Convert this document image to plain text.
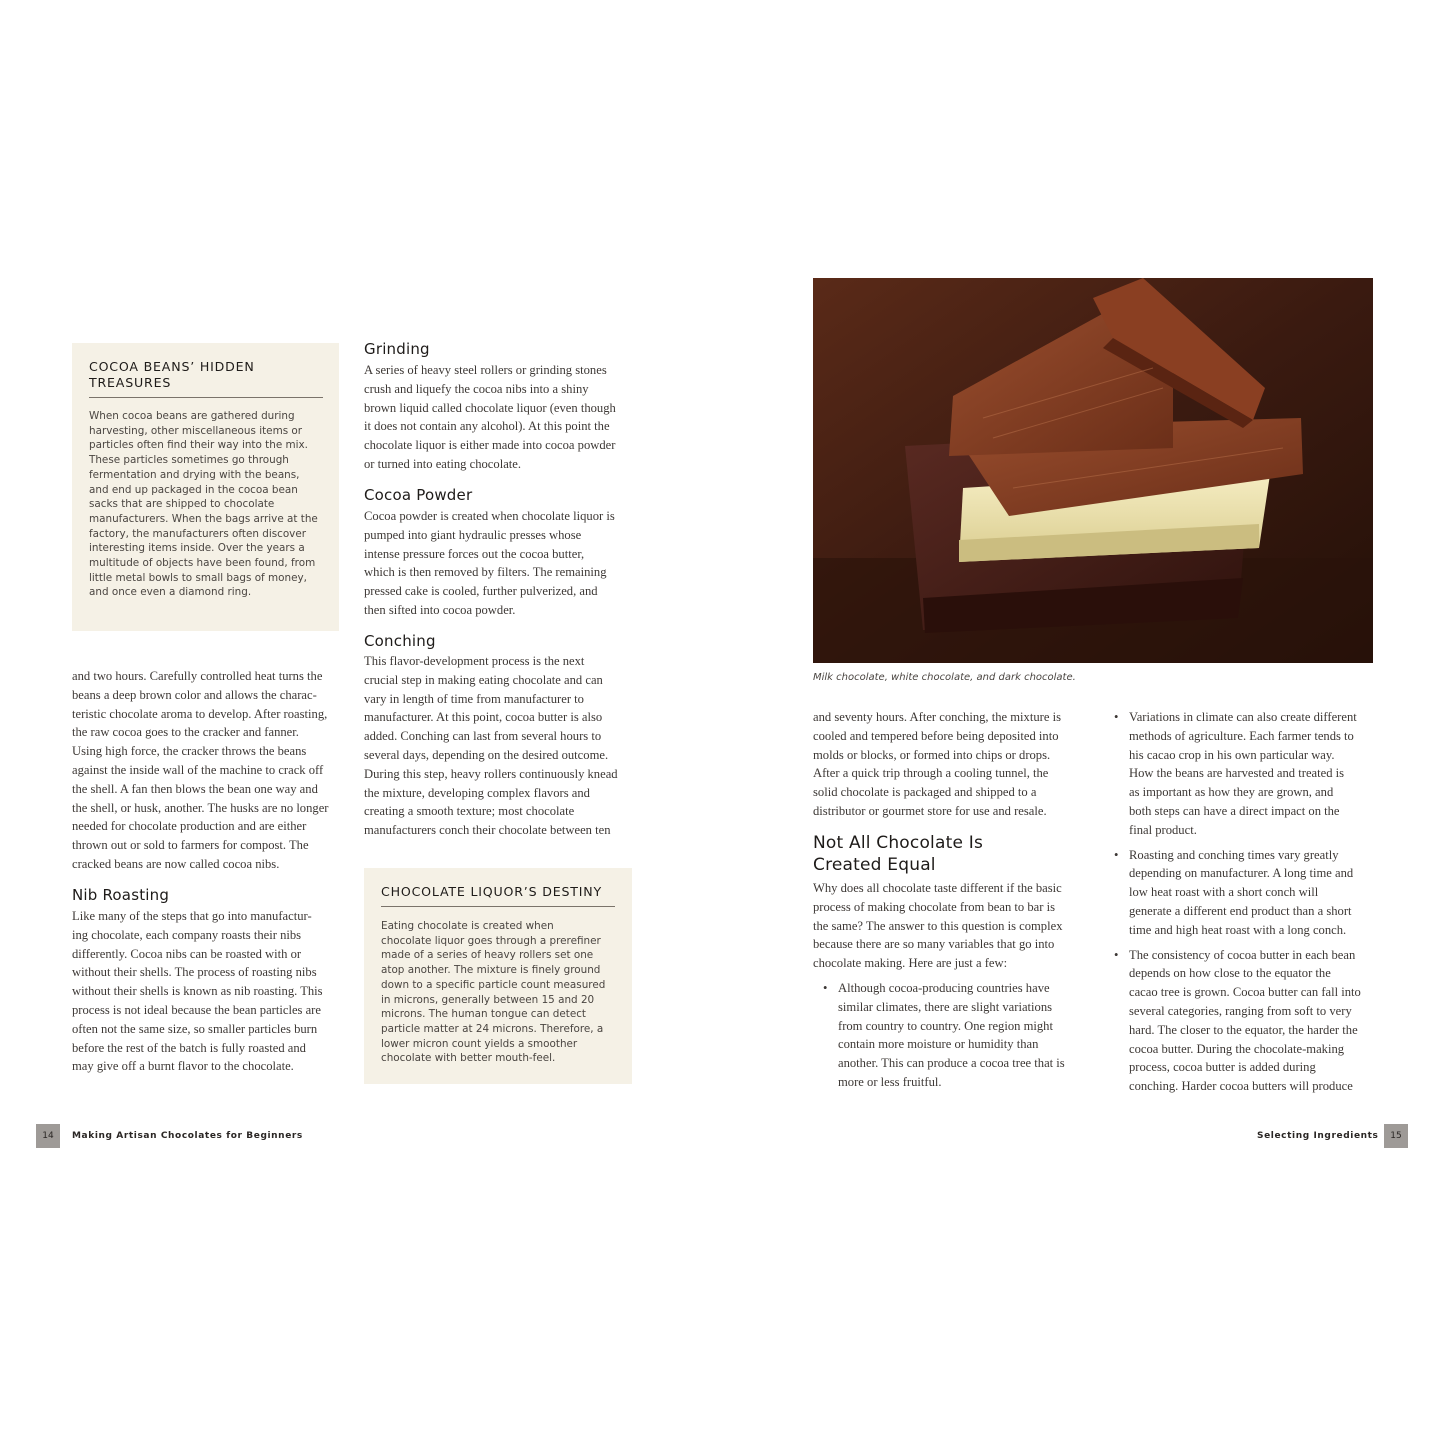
COCOA BEANS’ HIDDEN
TREASURES

When cocoa beans are gathered during
harvesting, other miscellaneous items or
particles often find their way into the mix.
These particles sometimes go through
fermentation and drying with the beans,
and end up packaged in the cocoa bean
sacks that are shipped to chocolate
manufacturers. When the bags arrive at the
factory, the manufacturers often discover
interesting items inside. Over the years a
multitude of objects have been found, from
little metal bowls to small bags of money,
and once even a diamond ring.

and two hours. Carefully controlled heat turns the
beans a deep brown color and allows the charac-
teristic chocolate aroma to develop. After roasting,
the raw cocoa goes to the cracker and fanner.
Using high force, the cracker throws the beans
against the inside wall of the machine to crack off
the shell. A fan then blows the bean one way and
the shell, or husk, another. The husks are no longer
needed for chocolate production and are either
thrown out or sold to farmers for compost. The
cracked beans are now called cocoa nibs.

Nib Roasting

Like many of the steps that go into manufactur-
ing chocolate, each company roasts their nibs
differently. Cocoa nibs can be roasted with or
without their shells. The process of roasting nibs
without their shells is known as nib roasting. This
process is not ideal because the bean particles are
often not the same size, so smaller particles burn
before the rest of the batch is fully roasted and
may give off a burnt flavor to the chocolate.

Grinding

A series of heavy steel rollers or grinding stones
crush and liquefy the cocoa nibs into a shiny
brown liquid called chocolate liquor (even though
it does not contain any alcohol). At this point the
chocolate liquor is either made into cocoa powder
or turned into eating chocolate.

Cocoa Powder

Cocoa powder is created when chocolate liquor is
pumped into giant hydraulic presses whose
intense pressure forces out the cocoa butter,
which is then removed by filters. The remaining
pressed cake is cooled, further pulverized, and
then sifted into cocoa powder.

Conching

This flavor-development process is the next
crucial step in making eating chocolate and can
vary in length of time from manufacturer to
manufacturer. At this point, cocoa butter is also
added. Conching can last from several hours to
several days, depending on the desired outcome.
During this step, heavy rollers continuously knead
the mixture, developing complex flavors and
creating a smooth texture; most chocolate
manufacturers conch their chocolate between ten

CHOCOLATE LIQUOR’S DESTINY

Eating chocolate is created when
chocolate liquor goes through a prerefiner
made of a series of heavy rollers set one
atop another. The mixture is finely ground
down to a specific particle count measured
in microns, generally between 15 and 20
microns. The human tongue can detect
particle matter at 24 microns. Therefore, a
lower micron count yields a smoother
chocolate with better mouth-feel.

14	Making Artisan Chocolates for Beginners

Milk chocolate, white chocolate, and dark chocolate.

and seventy hours. After conching, the mixture is
cooled and tempered before being deposited into
molds or blocks, or formed into chips or drops.
After a quick trip through a cooling tunnel, the
solid chocolate is packaged and shipped to a
distributor or gourmet store for use and resale.

Not All Chocolate Is
Created Equal

Why does all chocolate taste different if the basic
process of making chocolate from bean to bar is
the same? The answer to this question is complex
because there are so many variables that go into
chocolate making. Here are just a few:

• Although cocoa-producing countries have
similar climates, there are slight variations
from country to country. One region might
contain more moisture or humidity than
another. This can produce a cocoa tree that is
more or less fruitful.
• Variations in climate can also create different
methods of agriculture. Each farmer tends to
his cacao crop in his own particular way.
How the beans are harvested and treated is
as important as how they are grown, and
both steps can have a direct impact on the
final product.
• Roasting and conching times vary greatly
depending on manufacturer. A long time and
low heat roast with a short conch will
generate a different end product than a short
time and high heat roast with a long conch.
• The consistency of cocoa butter in each bean
depends on how close to the equator the
cacao tree is grown. Cocoa butter can fall into
several categories, ranging from soft to very
hard. The closer to the equator, the harder the
cocoa butter. During the chocolate-making
process, cocoa butter is added during
conching. Harder cocoa butters will produce

Selecting Ingredients	15
